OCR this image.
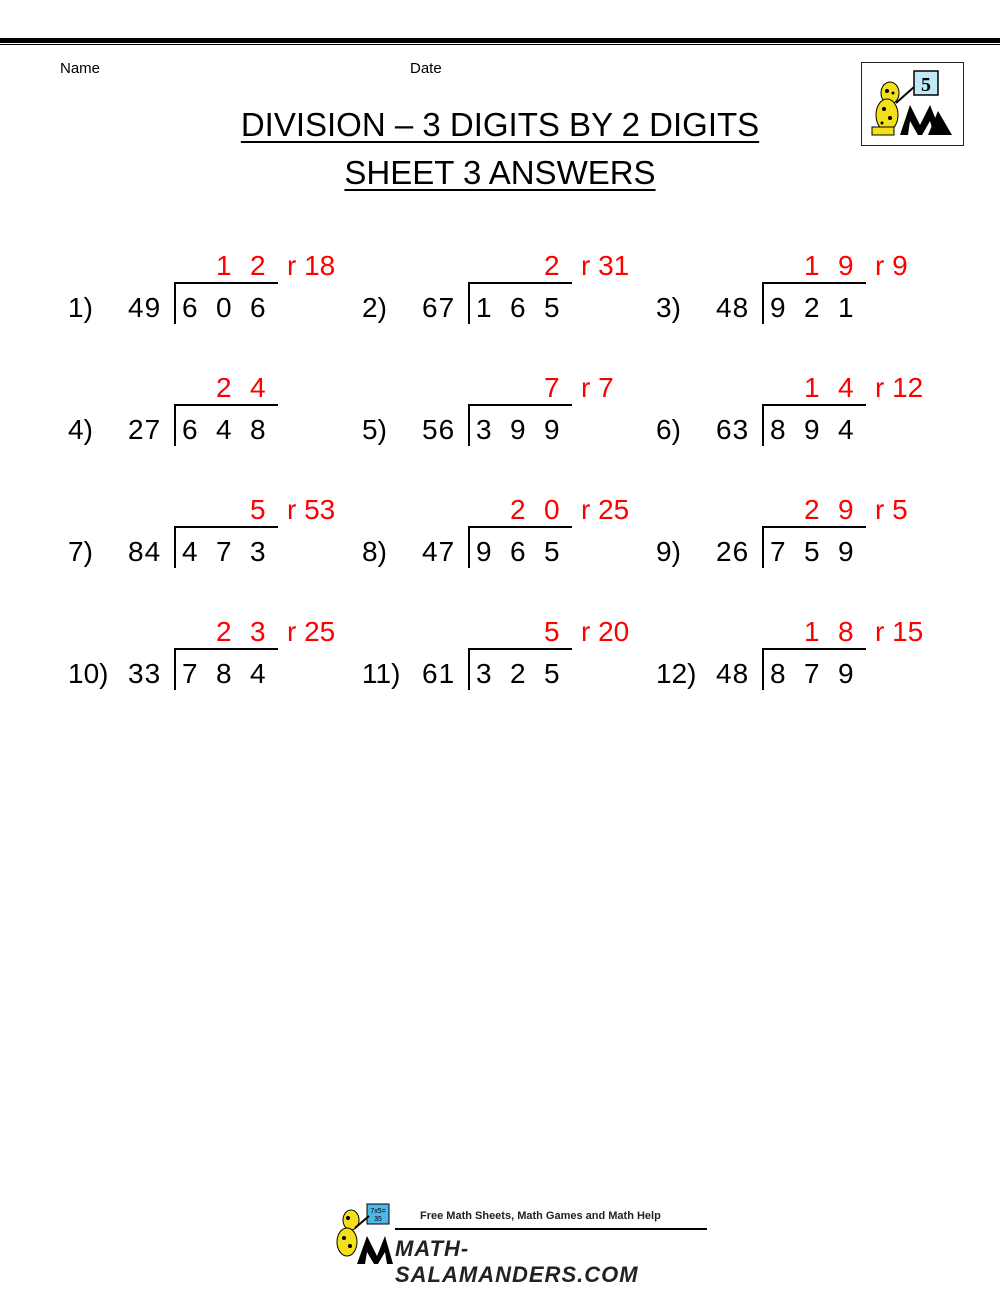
Name	Date
5
DIVISION – 3 DIGITS BY 2 DIGITS
SHEET 3 ANSWERS
1) 49 6 0 6
1 2 r 18
2) 67 1 6 5
2 r 31
3) 48 9 2 1
1 9 r 9
4) 27 6 4 8
2 4
5) 56 3 9 9
7 r 7
6) 63 8 9 4
1 4 r 12
7) 84 4 7 3
5 r 53
8) 47 9 6 5
2 0 r 25
9) 26 7 5 9
2 9 r 5
10) 33 7 8 4
2 3 r 25
11) 61 3 2 5
5 r 20
12) 48 8 7 9
1 8 r 15
7x5=
35	Free Math Sheets, Math Games and Math Help
MATH-SALAMANDERS.COM
